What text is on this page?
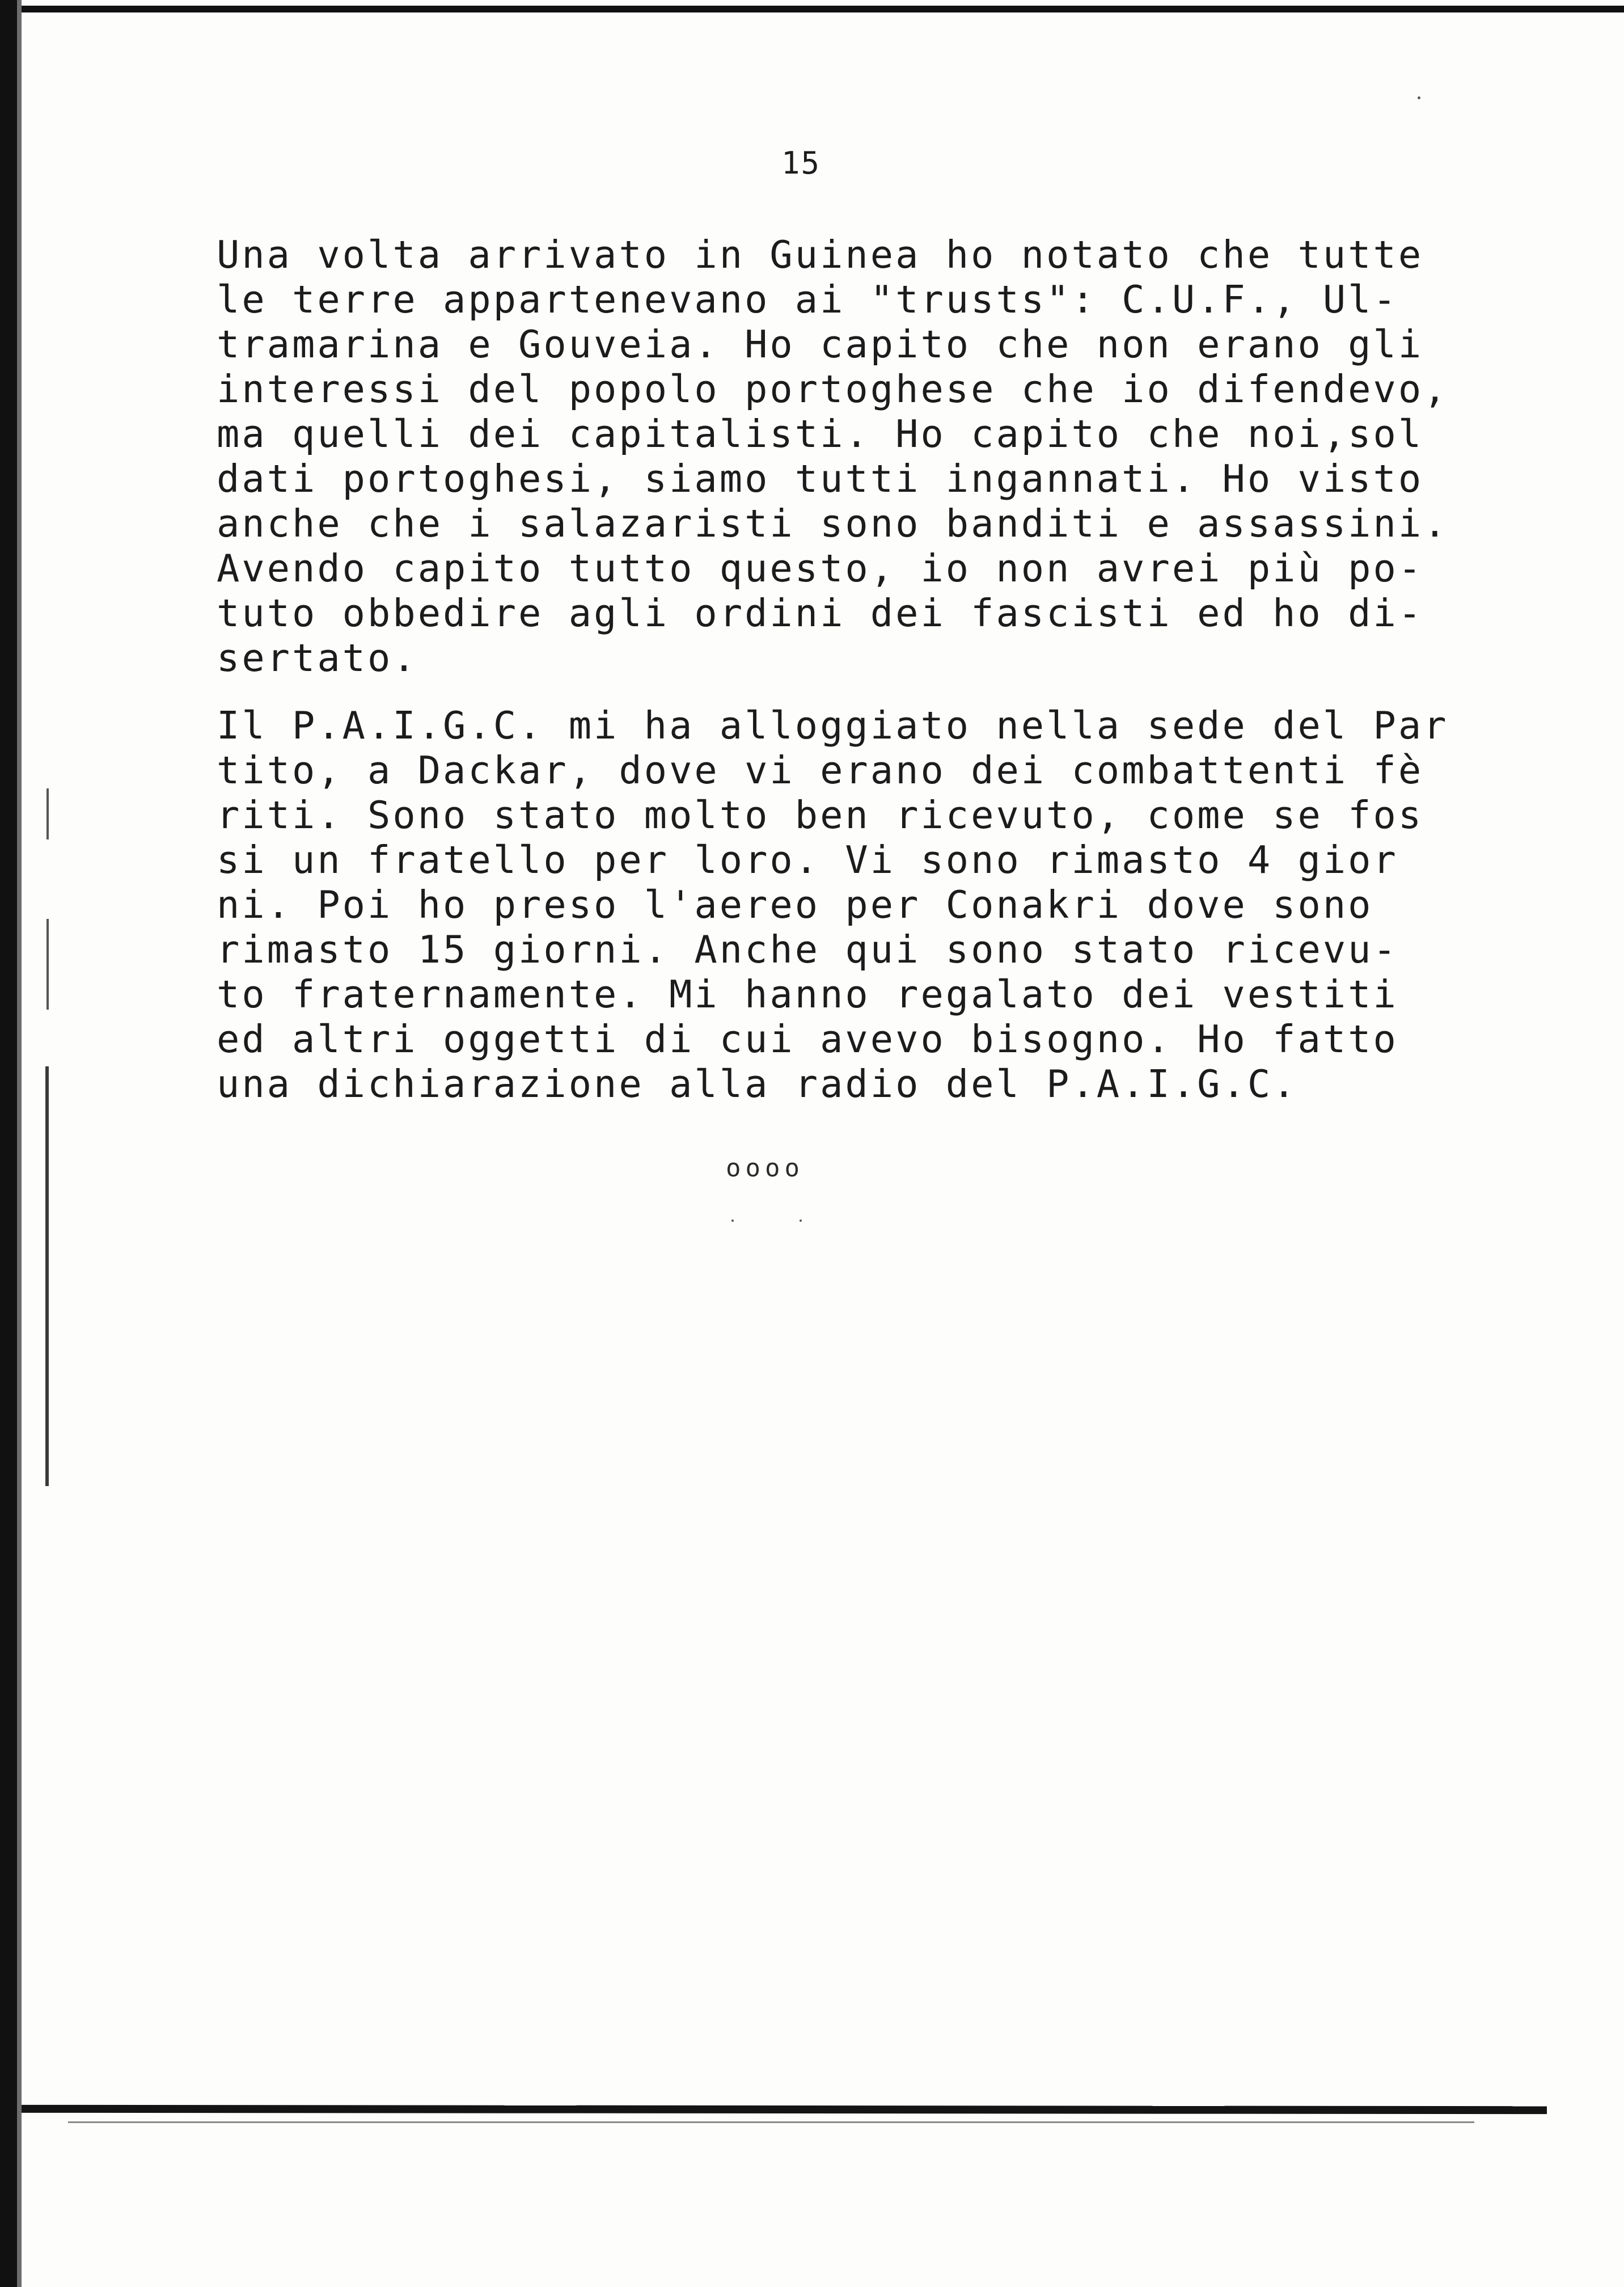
15
Una volta arrivato in Guinea ho notato che tutte
le terre appartenevano ai "trusts": C.U.F., Ul-
tramarina e Gouveia. Ho capito che non erano gli
interessi del popolo portoghese che io difendevo,
ma quelli dei capitalisti. Ho capito che noi,sol
dati portoghesi, siamo tutti ingannati. Ho visto
anche che i salazaristi sono banditi e assassini.
Avendo capito tutto questo, io non avrei più po-
tuto obbedire agli ordini dei fascisti ed ho di-
sertato.
Il P.A.I.G.C. mi ha alloggiato nella sede del Par
tito, a Dackar, dove vi erano dei combattenti fè
riti. Sono stato molto ben ricevuto, come se fos
si un fratello per loro. Vi sono rimasto 4 gior
ni. Poi ho preso l'aereo per Conakri dove sono
rimasto 15 giorni. Anche qui sono stato ricevu-
to fraternamente. Mi hanno regalato dei vestiti
ed altri oggetti di cui avevo bisogno. Ho fatto
una dichiarazione alla radio del P.A.I.G.C.
oooo
